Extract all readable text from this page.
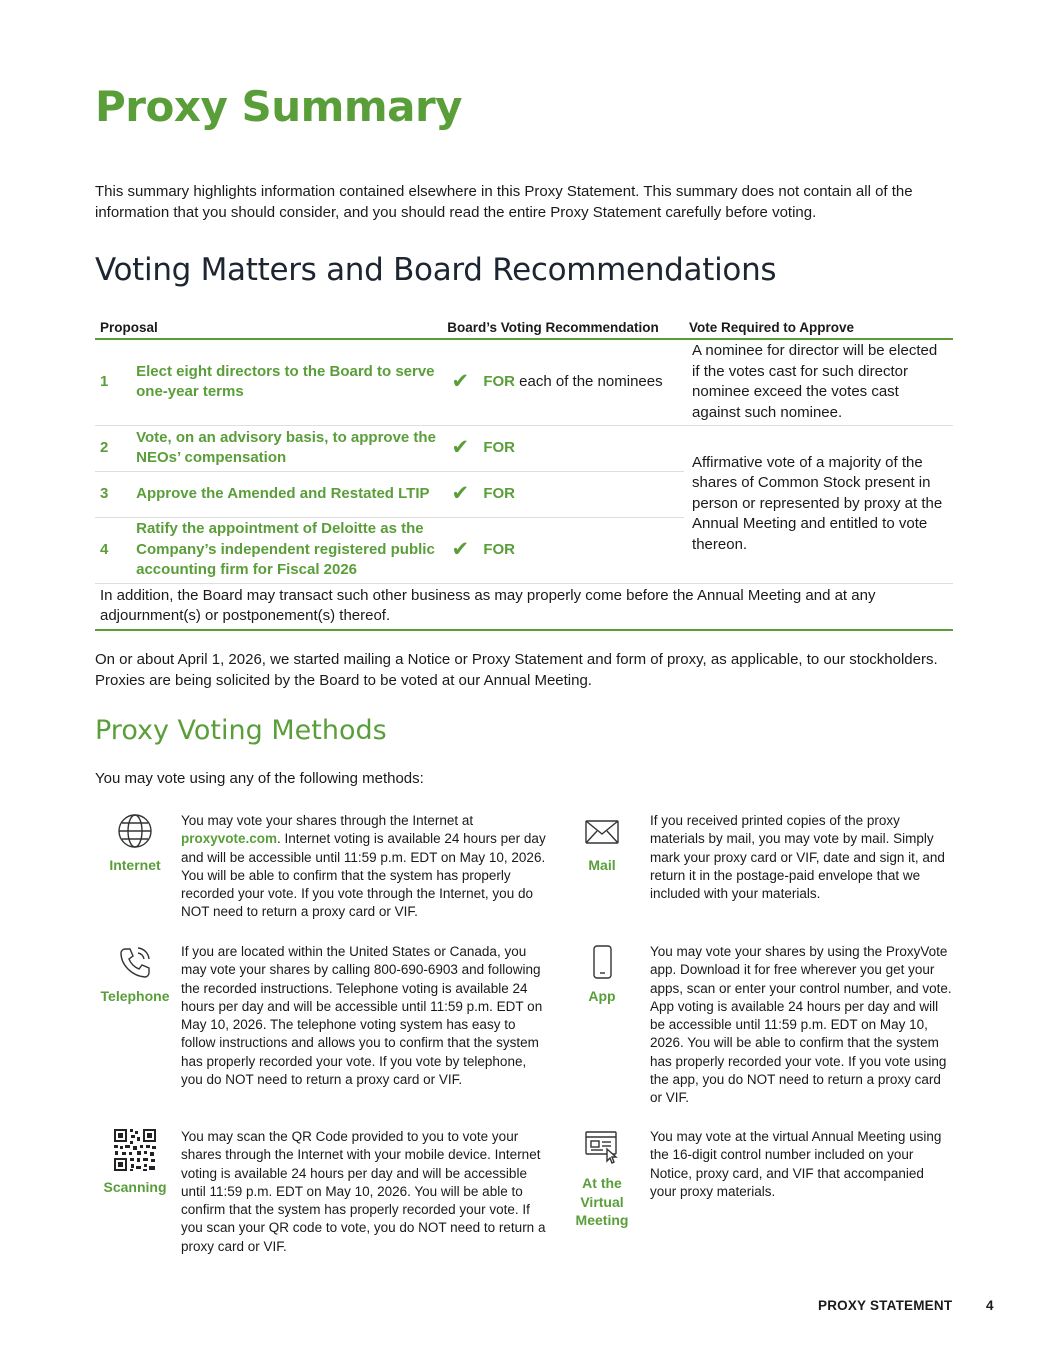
Proxy Summary

This summary highlights information contained elsewhere in this Proxy Statement. This summary does not contain all of the information that you should consider, and you should read the entire Proxy Statement carefully before voting.

Voting Matters and Board Recommendations
Proposal		Board’s Voting Recommendation		Vote Required to Approve
1	Elect eight directors to the Board to serve one-year terms	✔	FOR each of the nominees	A nominee for director will be elected if the votes cast for such director nominee exceed the votes cast against such nominee.
2	Vote, on an advisory basis, to approve the NEOs’ compensation	✔	FOR	Affirmative vote of a majority of the shares of Common Stock present in person or represented by proxy at the Annual Meeting and entitled to vote thereon.
3	Approve the Amended and Restated LTIP	✔	FOR	
4	Ratify the appointment of Deloitte as the Company’s independent registered public accounting firm for Fiscal 2026	✔	FOR	
In addition, the Board may transact such other business as may properly come before the Annual Meeting and at any adjournment(s) or postponement(s) thereof.				

On or about April 1, 2026, we started mailing a Notice or Proxy Statement and form of proxy, as applicable, to our stockholders. Proxies are being solicited by the Board to be voted at our Annual Meeting.

Proxy Voting Methods

You may vote using any of the following methods:

Internet

You may vote your shares through the Internet at proxyvote.com. Internet voting is available 24 hours per day and will be accessible until 11:59 p.m. EDT on May 10, 2026. You will be able to confirm that the system has properly recorded your vote. If you vote through the Internet, you do NOT need to return a proxy card or VIF.

Mail

If you received printed copies of the proxy materials by mail, you may vote by mail. Simply mark your proxy card or VIF, date and sign it, and return it in the postage-paid envelope that we included with your materials.

Telephone

If you are located within the United States or Canada, you may vote your shares by calling 800-690-6903 and following the recorded instructions. Telephone voting is available 24 hours per day and will be accessible until 11:59 p.m. EDT on May 10, 2026. The telephone voting system has easy to follow instructions and allows you to confirm that the system has properly recorded your vote. If you vote by telephone, you do NOT need to return a proxy card or VIF.

App

You may vote your shares by using the ProxyVote app. Download it for free wherever you get your apps, scan or enter your control number, and vote. App voting is available 24 hours per day and will be accessible until 11:59 p.m. EDT on May 10, 2026. You will be able to confirm that the system has properly recorded your vote. If you vote using the app, you do NOT need to return a proxy card or VIF.

Scanning

You may scan the QR Code provided to you to vote your shares through the Internet with your mobile device. Internet voting is available 24 hours per day and will be accessible until 11:59 p.m. EDT on May 10, 2026. You will be able to confirm that the system has properly recorded your vote. If you scan your QR code to vote, you do NOT need to return a proxy card or VIF.

At the Virtual Meeting

You may vote at the virtual Annual Meeting using the 16-digit control number included on your Notice, proxy card, and VIF that accompanied your proxy materials.

PROXY STATEMENT 4
